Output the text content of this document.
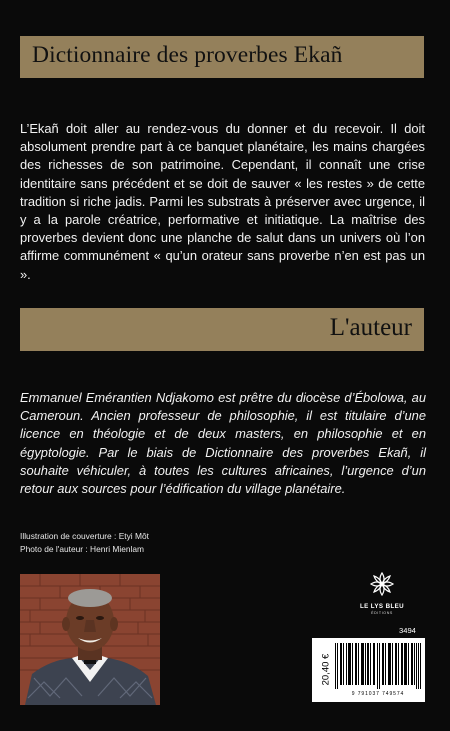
Dictionnaire des proverbes Ekañ

L’Ekañ doit aller au rendez-vous du donner et du recevoir. Il doit absolument prendre part à ce banquet planétaire, les mains chargées des richesses de son patrimoine. Cependant, il connaît une crise identitaire sans précédent et se doit de sauver « les restes » de cette tradition si riche jadis. Parmi les substrats à préserver avec urgence, il y a la parole créatrice, performative et initiatique. La maîtrise des proverbes devient donc une planche de salut dans un univers où l’on affirme communément « qu’un orateur sans proverbe n’en est pas un ».

L'auteur

Emmanuel Emérantien Ndjakomo est prêtre du diocèse d’Ébolowa, au Cameroun. Ancien professeur de philosophie, il est titulaire d’une licence en théologie et de deux masters, en philosophie et en égyptologie. Par le biais de Dictionnaire des proverbes Ekañ, il souhaite véhiculer, à toutes les cultures africaines, l’urgence d’un retour aux sources pour l’édification du village planétaire.

Illustration de couverture : Etyi Môt
Photo de l'auteur : Henri Mienlam
LE LYS BLEU
ÉDITIONS
3494
20,40 €
9 791037 749574
